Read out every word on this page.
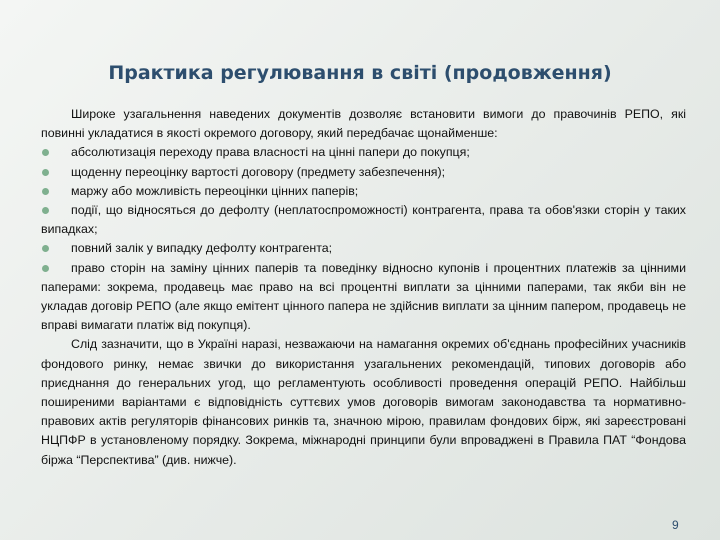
Практика регулювання в світі (продовження)

Широке узагальнення наведених документів дозволяє встановити вимоги до правочинів РЕПО, які повинні укладатися в якості окремого договору, який передбачає щонайменше:

абсолютизація переходу права власності на цінні папери до покупця;
щоденну переоцінку вартості договору (предмету забезпечення);
маржу або можливість переоцінки цінних паперів;
події, що відносяться до дефолту (неплатоспроможності) контрагента, права та обов'язки сторін у таких випадках;
повний залік у випадку дефолту контрагента;
право сторін на заміну цінних паперів та поведінку відносно купонів і процентних платежів за цінними паперами: зокрема, продавець має право на всі процентні виплати за цінними паперами, так якби він не укладав договір РЕПО (але якщо емітент цінного папера не здійснив виплати за цінним папером, продавець не вправі вимагати платіж від покупця).

Слід зазначити, що в Україні наразі, незважаючи на намагання окремих об'єднань професійних учасників фондового ринку, немає звички до використання узагальнених рекомендацій, типових договорів або приєднання до генеральних угод, що регламентують особливості проведення операцій РЕПО. Найбільш поширеними варіантами є відповідність суттєвих умов договорів вимогам законодавства та нормативно-правових актів регуляторів фінансових ринків та, значною мірою, правилам фондових бірж, які зареєстровані НЦПФР в установленому порядку. Зокрема, міжнародні принципи були впроваджені в Правила ПАТ “Фондова біржа “Перспектива” (див. нижче).

9
